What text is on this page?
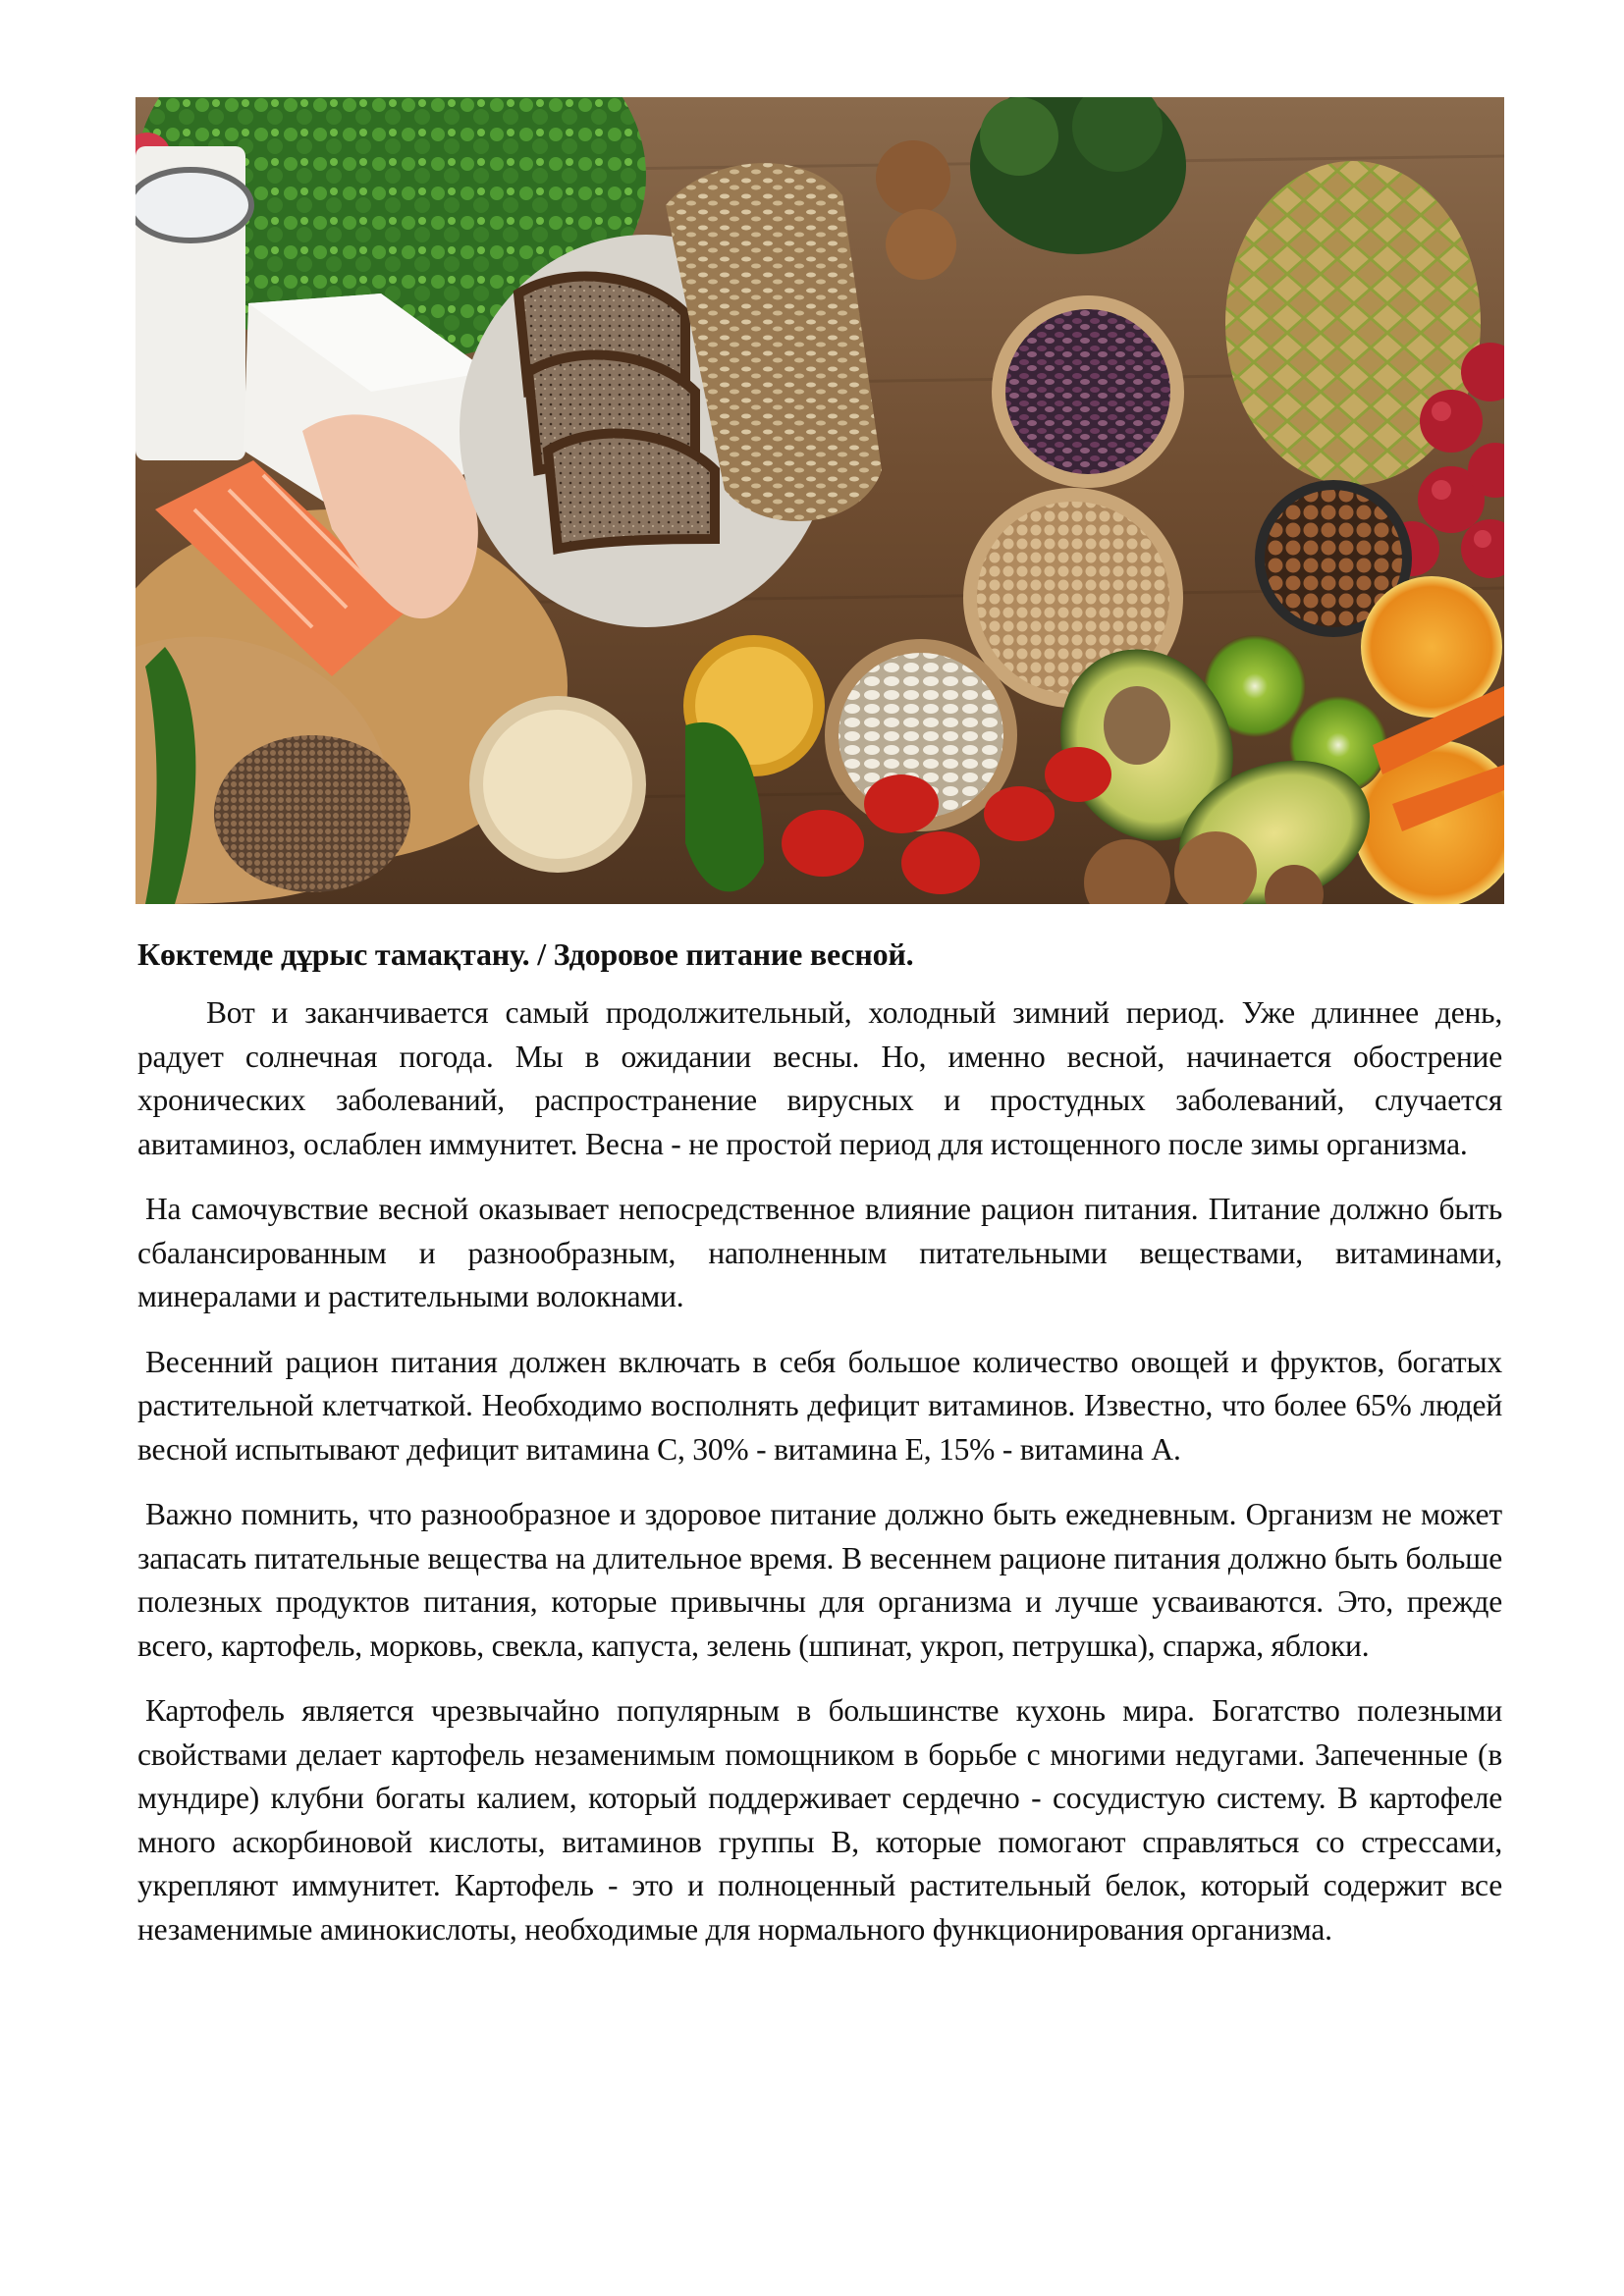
Көктемде дұрыс тамақтану. / Здоровое питание весной.

Вот и заканчивается самый продолжительный, холодный зимний период. Уже длиннее день, радует солнечная погода. Мы в ожидании весны. Но, именно весной, начинается обострение хронических заболеваний, распространение вирусных и простудных заболеваний, случается авитаминоз, ослаблен иммунитет. Весна - не простой период для истощенного после зимы организма.

На самочувствие весной оказывает непосредственное влияние рацион питания. Питание должно быть сбалансированным и разнообразным, наполненным питательными веществами, витаминами, минералами и растительными волокнами.

Весенний рацион питания должен включать в себя большое количество овощей и фруктов, богатых растительной клетчаткой. Необходимо восполнять дефицит витаминов. Известно, что более 65% людей весной испытывают дефицит витамина С, 30% - витамина Е, 15% - витамина А.

Важно помнить, что разнообразное и здоровое питание должно быть ежедневным. Организм не может запасать питательные вещества на длительное время. В весеннем рационе питания должно быть больше полезных продуктов питания, которые привычны для организма и лучше усваиваются. Это, прежде всего, картофель, морковь, свекла, капуста, зелень (шпинат, укроп, петрушка), спаржа, яблоки.

Картофель является чрезвычайно популярным в большинстве кухонь мира. Богатство полезными свойствами делает картофель незаменимым помощником в борьбе с многими недугами. Запеченные (в мундире) клубни богаты калием, который поддерживает сердечно - сосудистую систему. В картофеле много аскорбиновой кислоты, витаминов группы В, которые помогают справляться со стрессами, укрепляют иммунитет. Картофель - это и полноценный растительный белок, который содержит все незаменимые аминокислоты, необходимые для нормального функционирования организма.
